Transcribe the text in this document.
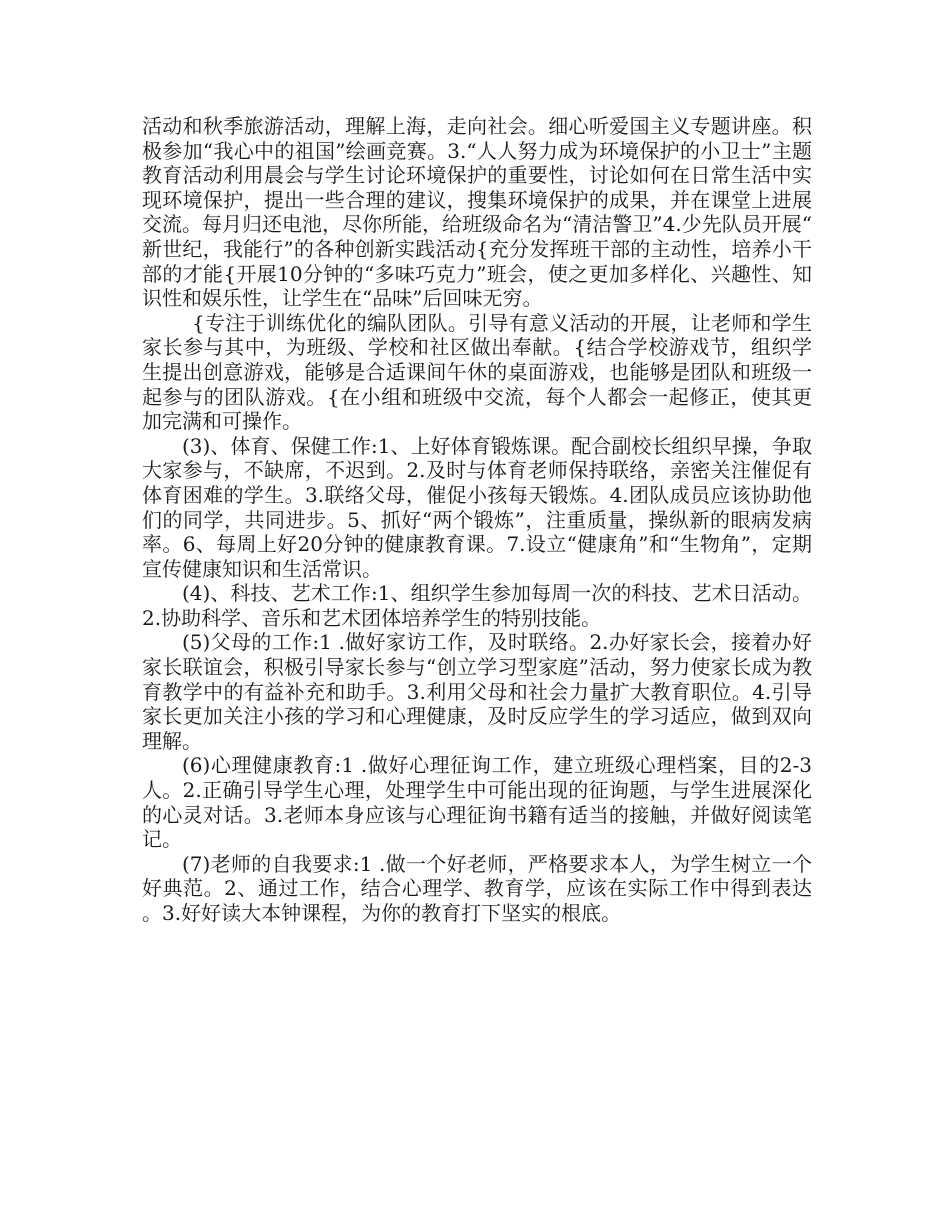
活动和秋季旅游活动，理解上海，走向社会。细心听爱国主义专题讲座。积极参加“我心中的祖国”绘画竞赛。3.“人人努力成为环境保护的小卫士”主题教育活动利用晨会与学生讨论环境保护的重要性，讨论如何在日常生活中实现环境保护，提出一些合理的建议，搜集环境保护的成果，并在课堂上进展交流。每月归还电池，尽你所能，给班级命名为“清洁警卫”4.少先队员开展“新世纪，我能行”的各种创新实践活动{充分发挥班干部的主动性，培养小干部的才能{开展10分钟的“多味巧克力”班会，使之更加多样化、兴趣性、知识性和娱乐性，让学生在“品味”后回味无穷。

{专注于训练优化的编队团队。引导有意义活动的开展，让老师和学生家长参与其中，为班级、学校和社区做出奉献。{结合学校游戏节，组织学生提出创意游戏，能够是合适课间午休的桌面游戏，也能够是团队和班级一起参与的团队游戏。{在小组和班级中交流，每个人都会一起修正，使其更加完满和可操作。

(3)、体育、保健工作:1、上好体育锻炼课。配合副校长组织早操，争取大家参与，不缺席，不迟到。2.及时与体育老师保持联络，亲密关注催促有体育困难的学生。3.联络父母，催促小孩每天锻炼。4.团队成员应该协助他们的同学，共同进步。5、抓好“两个锻炼”，注重质量，操纵新的眼病发病率。6、每周上好20分钟的健康教育课。7.设立“健康角”和“生物角”，定期宣传健康知识和生活常识。

(4)、科技、艺术工作:1、组织学生参加每周一次的科技、艺术日活动。2.协助科学、音乐和艺术团体培养学生的特别技能。

(5)父母的工作:1 .做好家访工作，及时联络。2.办好家长会，接着办好家长联谊会，积极引导家长参与“创立学习型家庭”活动，努力使家长成为教育教学中的有益补充和助手。3.利用父母和社会力量扩大教育职位。4.引导家长更加关注小孩的学习和心理健康，及时反应学生的学习适应，做到双向理解。

(6)心理健康教育:1 .做好心理征询工作，建立班级心理档案，目的2-3人。2.正确引导学生心理，处理学生中可能出现的征询题，与学生进展深化的心灵对话。3.老师本身应该与心理征询书籍有适当的接触，并做好阅读笔记。

(7)老师的自我要求:1 .做一个好老师，严格要求本人，为学生树立一个好典范。2、通过工作，结合心理学、教育学，应该在实际工作中得到表达。3.好好读大本钟课程，为你的教育打下坚实的根底。
